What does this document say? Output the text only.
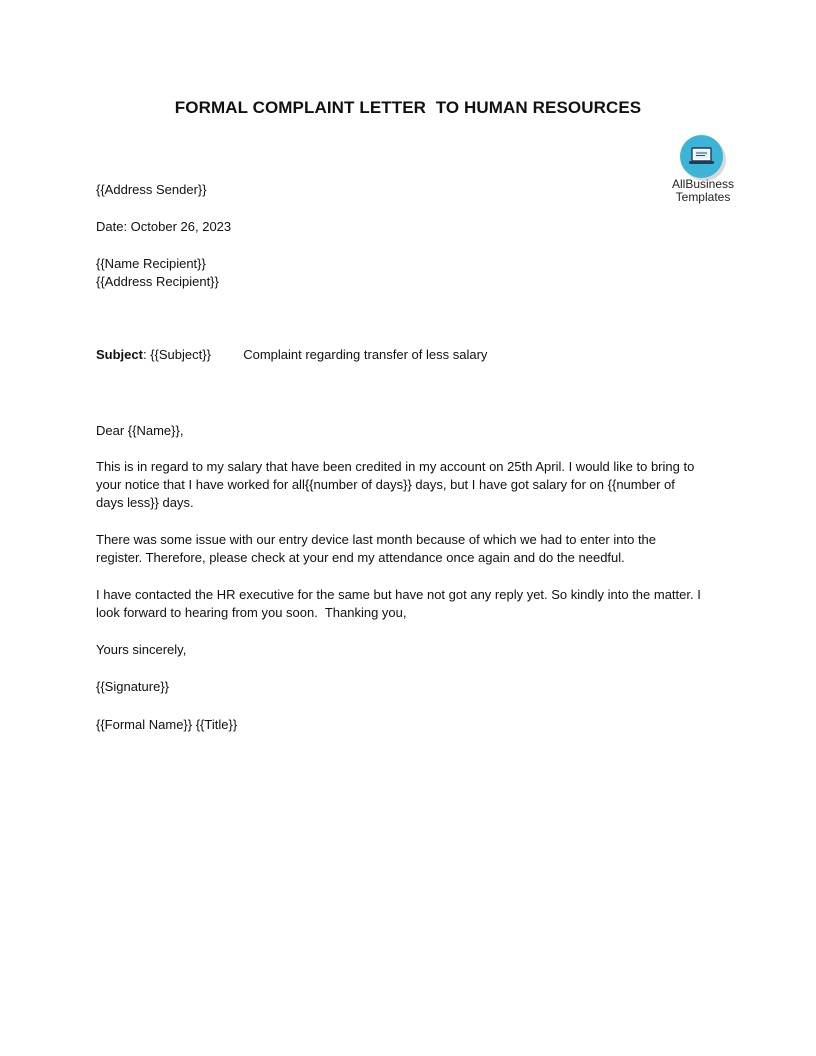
FORMAL COMPLAINT LETTER  TO HUMAN RESOURCES
AllBusiness
Templates
{{Address Sender}}
Date: October 26, 2023
{{Name Recipient}}
{{Address Recipient}}
Subject: {{Subject}} Complaint regarding transfer of less salary
Dear {{Name}},
This is in regard to my salary that have been credited in my account on 25th April. I would like to bring to
your notice that I have worked for all{{number of days}} days, but I have got salary for on {{number of
days less}} days.
There was some issue with our entry device last month because of which we had to enter into the
register. Therefore, please check at your end my attendance once again and do the needful.
I have contacted the HR executive for the same but have not got any reply yet. So kindly into the matter. I
look forward to hearing from you soon.  Thanking you,
Yours sincerely,
{{Signature}}
{{Formal Name}} {{Title}}
